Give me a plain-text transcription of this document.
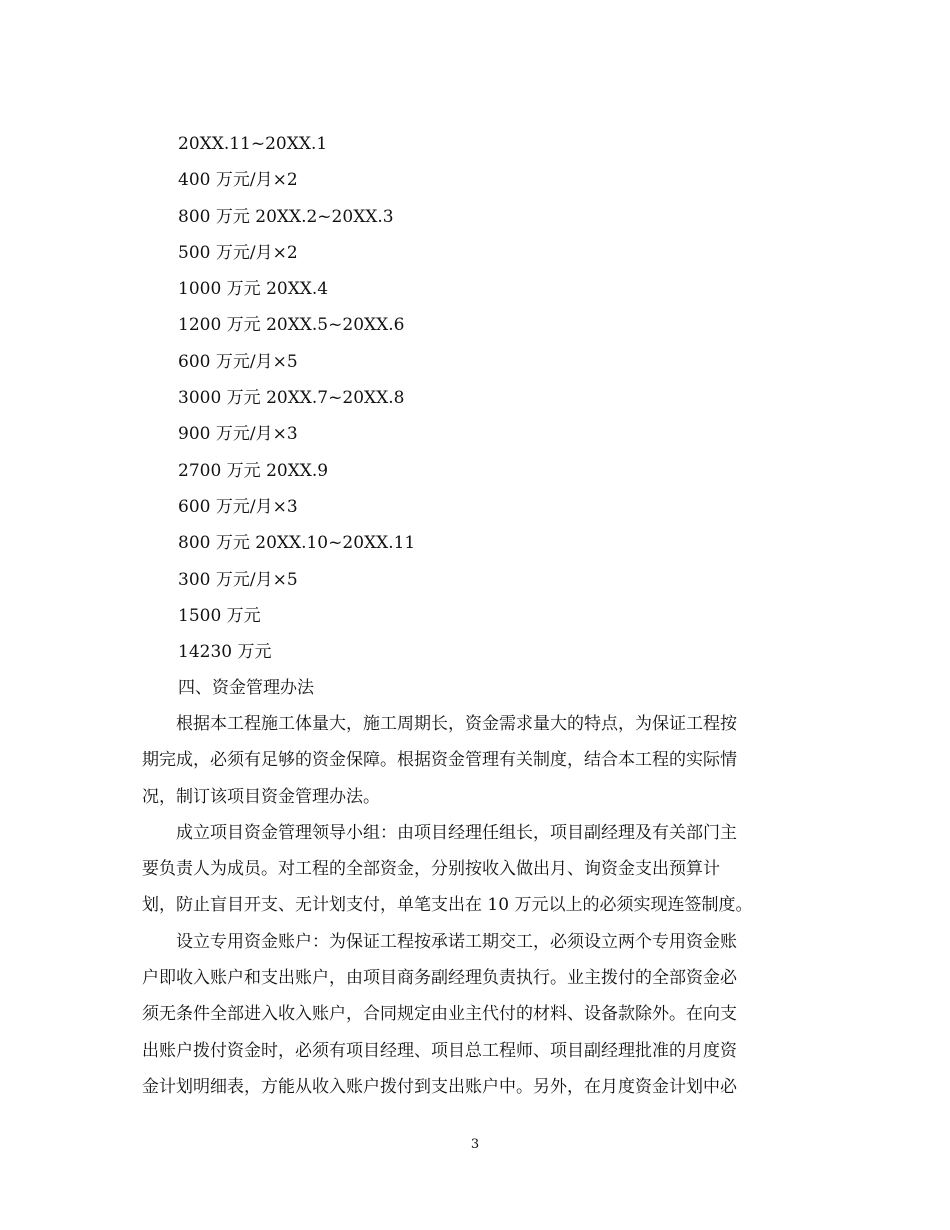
20XX.11~20XX.1
400 万元/月×2
800 万元 20XX.2~20XX.3
500 万元/月×2
1000 万元 20XX.4
1200 万元 20XX.5~20XX.6
600 万元/月×5
3000 万元 20XX.7~20XX.8
900 万元/月×3
2700 万元 20XX.9
600 万元/月×3
800 万元 20XX.10~20XX.11
300 万元/月×5
1500 万元
14230 万元
四、资金管理办法
根据本工程施工体量大，施工周期长，资金需求量大的特点，为保证工程按
期完成，必须有足够的资金保障。根据资金管理有关制度，结合本工程的实际情
况，制订该项目资金管理办法。
成立项目资金管理领导小组：由项目经理任组长，项目副经理及有关部门主
要负责人为成员。对工程的全部资金，分别按收入做出月、询资金支出预算计
划，防止盲目开支、无计划支付，单笔支出在 10 万元以上的必须实现连签制度。
设立专用资金账户：为保证工程按承诺工期交工，必须设立两个专用资金账
户即收入账户和支出账户，由项目商务副经理负责执行。业主拨付的全部资金必
须无条件全部进入收入账户，合同规定由业主代付的材料、设备款除外。在向支
出账户拨付资金时，必须有项目经理、项目总工程师、项目副经理批准的月度资
金计划明细表，方能从收入账户拨付到支出账户中。另外，在月度资金计划中必
3
